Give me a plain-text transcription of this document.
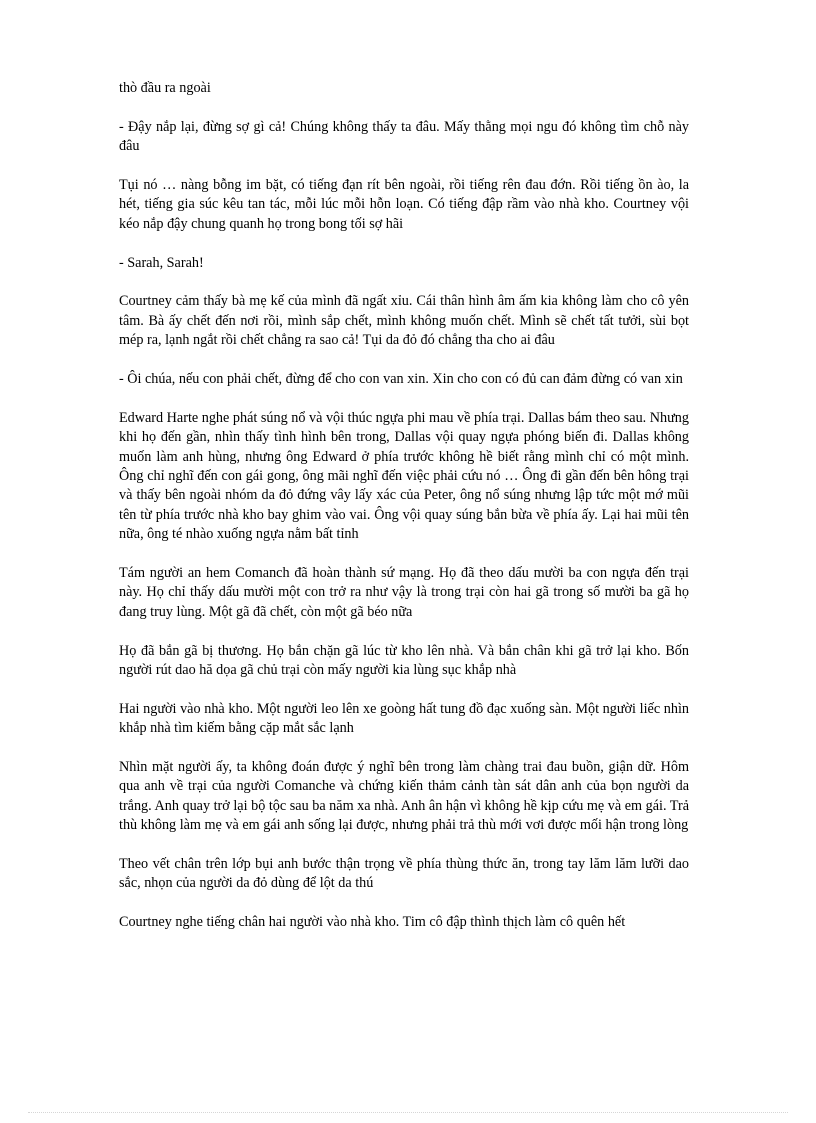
thò đầu ra ngoài

- Đậy nắp lại, đừng sợ gì cả! Chúng không thấy ta đâu. Mấy thằng mọi ngu đó không tìm chỗ này đâu

Tụi nó … nàng bỗng im bặt, có tiếng đạn rít bên ngoài, rồi tiếng rên đau đớn. Rồi tiếng ồn ào, la hét, tiếng gia súc kêu tan tác, mỗi lúc mỗi hỗn loạn. Có tiếng đập rầm vào nhà kho. Courtney vội kéo nắp đậy chung quanh họ trong bong tối sợ hãi

- Sarah, Sarah!

Courtney cảm thấy bà mẹ kế của mình đã ngất xỉu. Cái thân hình âm ấm kia không làm cho cô yên tâm. Bà ấy chết đến nơi rồi, mình sắp chết, mình không muốn chết. Mình sẽ chết tất tưởi, sùi bọt mép ra, lạnh ngắt rồi chết chẳng ra sao cả! Tụi da đỏ đó chẳng tha cho ai đâu

- Ôi chúa, nếu con phải chết, đừng để cho con van xin. Xin cho con có đủ can đảm đừng có van xin

Edward Harte nghe phát súng nổ và vội thúc ngựa phi mau về phía trại. Dallas bám theo sau. Nhưng khi họ đến gần, nhìn thấy tình hình bên trong, Dallas vội quay ngựa phóng biến đi. Dallas không muốn làm anh hùng, nhưng ông Edward ở phía trước không hề biết rằng mình chỉ có một mình. Ông chỉ nghĩ đến con gái gong, ông mãi nghĩ đến việc phải cứu nó … Ông đi gần đến bên hông trại và thấy bên ngoài nhóm da đỏ đứng vây lấy xác của Peter, ông nổ súng nhưng lập tức một mớ mũi tên từ phía trước nhà kho bay ghim vào vai. Ông vội quay súng bắn bừa về phía ấy. Lại hai mũi tên nữa, ông té nhào xuống ngựa nằm bất tỉnh

Tám người an hem Comanch đã hoàn thành sứ mạng. Họ đã theo dấu mười ba con ngựa đến trại này. Họ chỉ thấy dấu mười một con trở ra như vậy là trong trại còn hai gã trong số mười ba gã họ đang truy lùng. Một gã đã chết, còn một gã béo nữa

Họ đã bắn gã bị thương. Họ bắn chặn gã lúc từ kho lên nhà. Và bắn chân khi gã trở lại kho. Bốn người rút dao hă dọa gã chủ trại còn mấy người kia lùng sục khắp nhà

Hai người vào nhà kho. Một người leo lên xe goòng hất tung đồ đạc xuống sàn. Một người liếc nhìn khắp nhà tìm kiếm bằng cặp mắt sắc lạnh

Nhìn mặt người ấy, ta không đoán được ý nghĩ bên trong làm chàng trai đau buồn, giận dữ. Hôm qua anh về trại của người Comanche và chứng kiến thảm cảnh tàn sát dân anh của bọn người da trắng. Anh quay trở lại bộ tộc sau ba năm xa nhà. Anh ân hận vì không hề kịp cứu mẹ và em gái. Trả thù không làm mẹ và em gái anh sống lại được, nhưng phải trả thù mới vơi được mối hận trong lòng

Theo vết chân trên lớp bụi anh bước thận trọng về phía thùng thức ăn, trong tay lăm lăm lưỡi dao sắc, nhọn của người da đỏ dùng để lột da thú

Courtney nghe tiếng chân hai người vào nhà kho. Tim cô đập thình thịch làm cô quên hết
